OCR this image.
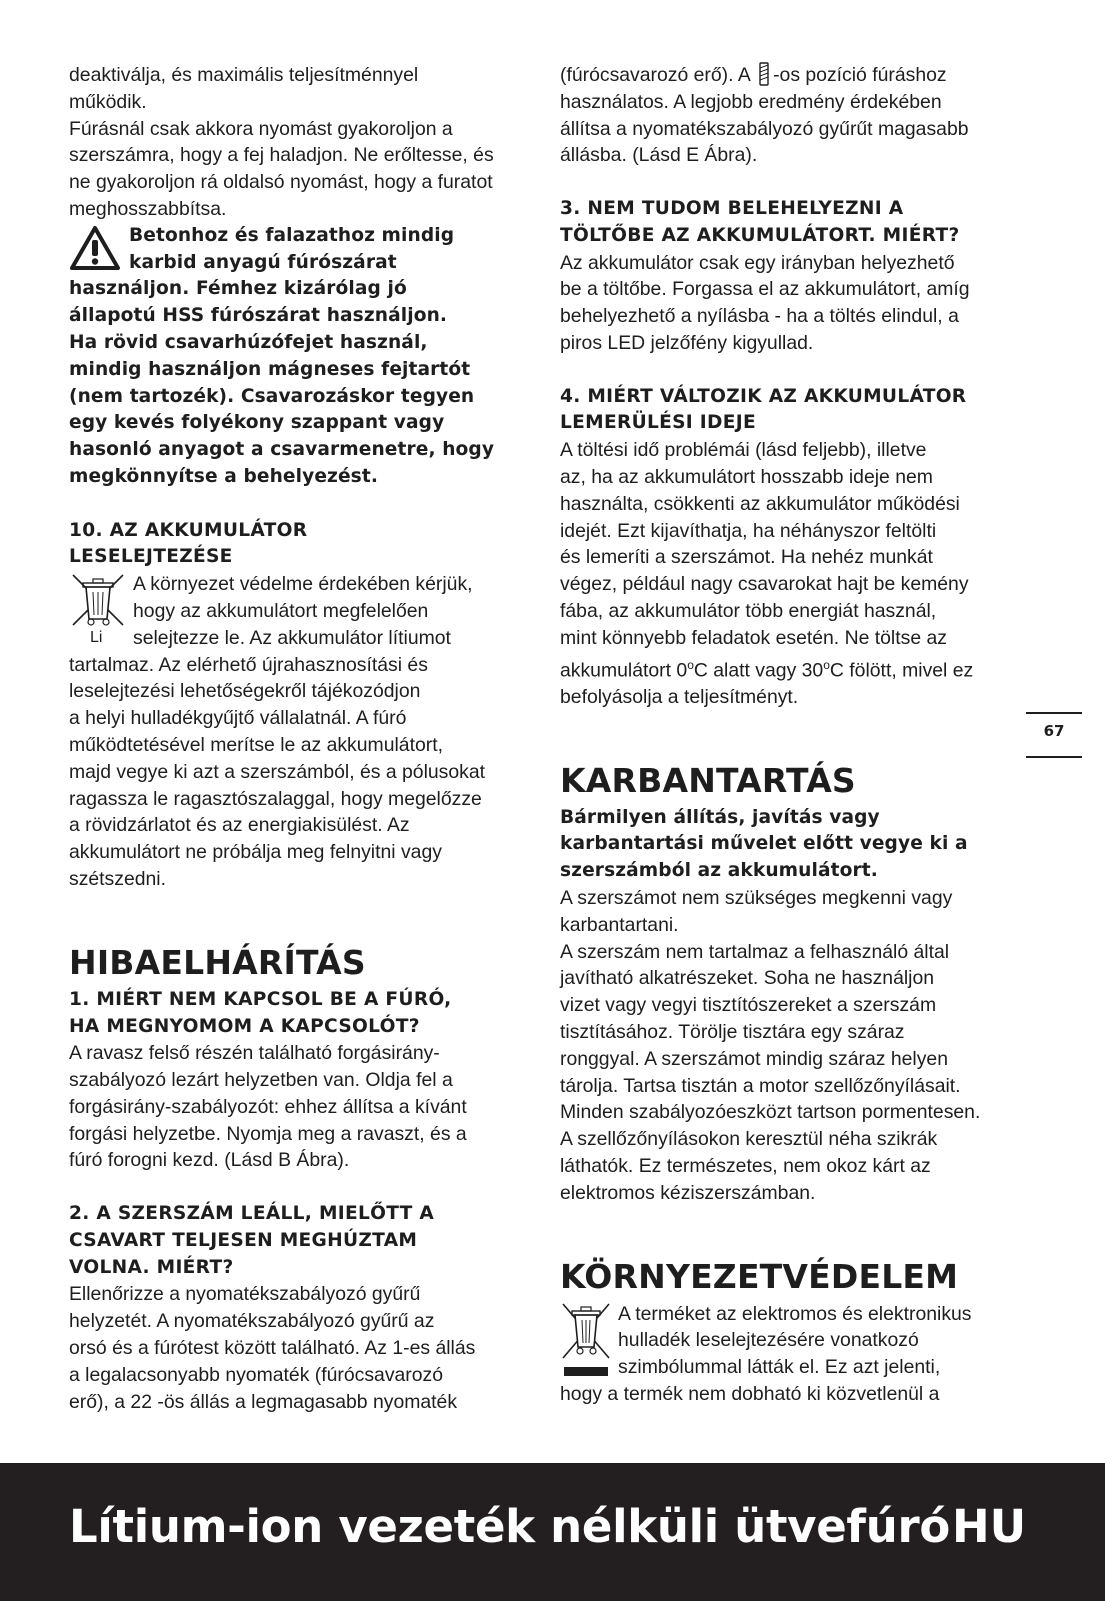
deaktiválja, és maximális teljesítménnyel

működik.

Fúrásnál csak akkora nyomást gyakoroljon a

szerszámra, hogy a fej haladjon. Ne erőltesse, és

ne gyakoroljon rá oldalsó nyomást, hogy a furatot

meghosszabbítsa.

Betonhoz és falazathoz mindig

karbid anyagú fúrószárat

használjon. Fémhez kizárólag jó

állapotú HSS fúrószárat használjon.

Ha rövid csavarhúzófejet használ,

mindig használjon mágneses fejtartót

(nem tartozék). Csavarozáskor tegyen

egy kevés folyékony szappant vagy

hasonló anyagot a csavarmenetre, hogy

megkönnyítse a behelyezést.

10. AZ AKKUMULÁTOR

LESELEJTEZÉSE

Li

A környezet védelme érdekében kérjük,

hogy az akkumulátort megfelelően

selejtezze le. Az akkumulátor lítiumot

tartalmaz. Az elérhető újrahasznosítási és

leselejtezési lehetőségekről tájékozódjon

a helyi hulladékgyűjtő vállalatnál. A fúró

működtetésével merítse le az akkumulátort,

majd vegye ki azt a szerszámból, és a pólusokat

ragassza le ragasztószalaggal, hogy megelőzze

a rövidzárlatot és az energiakisülést. Az

akkumulátort ne próbálja meg felnyitni vagy

szétszedni.

HIBAELHÁRÍTÁS

1. MIÉRT NEM KAPCSOL BE A FÚRÓ,

HA MEGNYOMOM A KAPCSOLÓT?

A ravasz felső részén található forgásirány-

szabályozó lezárt helyzetben van. Oldja fel a

forgásirány-szabályozót: ehhez állítsa a kívánt

forgási helyzetbe. Nyomja meg a ravaszt, és a

fúró forogni kezd. (Lásd B Ábra).

2. A SZERSZÁM LEÁLL, MIELŐTT A

CSAVART TELJESEN MEGHÚZTAM

VOLNA. MIÉRT?

Ellenőrizze a nyomatékszabályozó gyűrű

helyzetét. A nyomatékszabályozó gyűrű az

orsó és a fúrótest között található. Az 1-es állás

a legalacsonyabb nyomaték (fúrócsavarozó

erő), a 22 -ös állás a legmagasabb nyomaték

(fúrócsavarozó erő). A -os pozíció fúráshoz

használatos. A legjobb eredmény érdekében

állítsa a nyomatékszabályozó gyűrűt magasabb

állásba. (Lásd E Ábra).

3. NEM TUDOM BELEHELYEZNI A

TÖLTŐBE AZ AKKUMULÁTORT. MIÉRT?

Az akkumulátor csak egy irányban helyezhető

be a töltőbe. Forgassa el az akkumulátort, amíg

behelyezhető a nyílásba - ha a töltés elindul, a

piros LED jelzőfény kigyullad.

4. MIÉRT VÁLTOZIK AZ AKKUMULÁTOR

LEMERÜLÉSI IDEJE

A töltési idő problémái (lásd feljebb), illetve

az, ha az akkumulátort hosszabb ideje nem

használta, csökkenti az akkumulátor működési

idejét. Ezt kijavíthatja, ha néhányszor feltölti

és lemeríti a szerszámot. Ha nehéz munkát

végez, például nagy csavarokat hajt be kemény

fába, az akkumulátor több energiát használ,

mint könnyebb feladatok esetén. Ne töltse az

akkumulátort 0$^o$C alatt vagy 30$^o$C fölött, mivel ez

befolyásolja a teljesítményt.

KARBANTARTÁS

Bármilyen állítás, javítás vagy

karbantartási művelet előtt vegye ki a

szerszámból az akkumulátort.

A szerszámot nem szükséges megkenni vagy

karbantartani.

A szerszám nem tartalmaz a felhasználó által

javítható alkatrészeket. Soha ne használjon

vizet vagy vegyi tisztítószereket a szerszám

tisztításához. Törölje tisztára egy száraz

ronggyal. A szerszámot mindig száraz helyen

tárolja. Tartsa tisztán a motor szellőzőnyílásait.

Minden szabályozóeszközt tartson pormentesen.

A szellőzőnyílásokon keresztül néha szikrák

láthatók. Ez természetes, nem okoz kárt az

elektromos kéziszerszámban.

KÖRNYEZETVÉDELEM

A terméket az elektromos és elektronikus

hulladék leselejtezésére vonatkozó

szimbólummal látták el. Ez azt jelenti,

hogy a termék nem dobható ki közvetlenül a

67
Lítium-ion vezeték nélküli ütvefúró HU
